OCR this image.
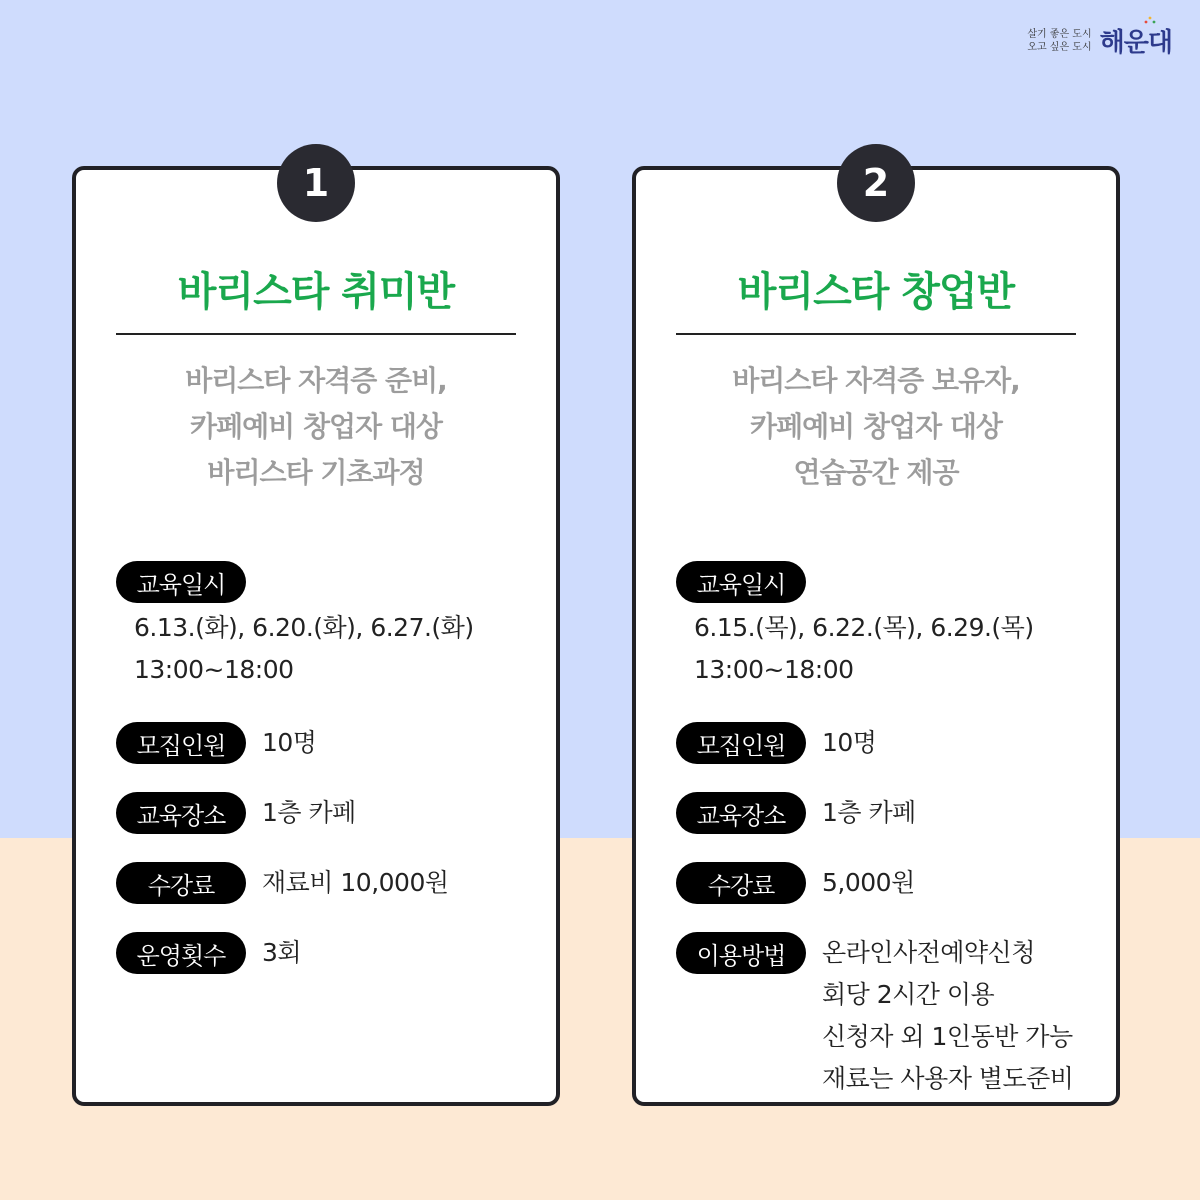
살기 좋은 도시
오고 싶은 도시 해운대
1
바리스타 취미반
바리스타 자격증 준비,
카페예비 창업자 대상
바리스타 기초과정
교육일시
6.13.(화), 6.20.(화), 6.27.(화)
13:00~18:00
모집인원	10명
교육장소	1층 카페
수강료	재료비 10,000원
운영횟수	3회
2
바리스타 창업반
바리스타 자격증 보유자,
카페예비 창업자 대상
연습공간 제공
교육일시
6.15.(목), 6.22.(목), 6.29.(목)
13:00~18:00
모집인원	10명
교육장소	1층 카페
수강료	5,000원
이용방법	온라인사전예약신청
회당 2시간 이용
신청자 외 1인동반 가능
재료는 사용자 별도준비
